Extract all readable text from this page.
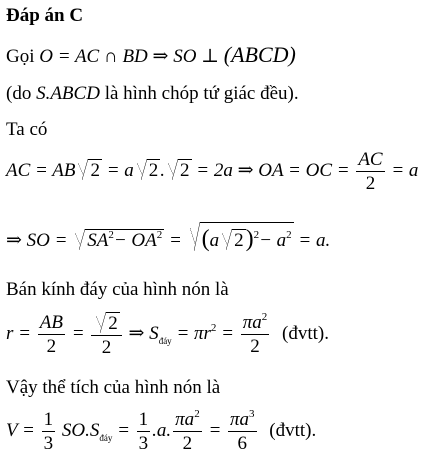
Đáp án C
Gọi O = AC ∩ BD ⇒ SO ⊥ (ABCD)
(do S.ABCD là hình chóp tứ giác đều).
Ta có
AC = AB 2 = a 2 . 2 = 2a ⇒ OA = OC = $\frac{AC}{2} = a$
⇒ SO = $SA^2- OA^2 = (a$ $2)^2- a^2 = a$.
Bán kính đáy của hình nón là
$r = \frac{AB}{2} = \frac{2}{2}$ ⇒ $S_{đáy} = \pi r^2 = \frac{\pi a^2}{2}$ (đvtt).
Vậy thể tích của hình nón là
$V = \frac{1}{3} SO.S_{đáy} = \frac{1}{3} .a$. $\frac{\pi a^2}{2} = \frac{\pi a^3}{6}$ (đvtt).
